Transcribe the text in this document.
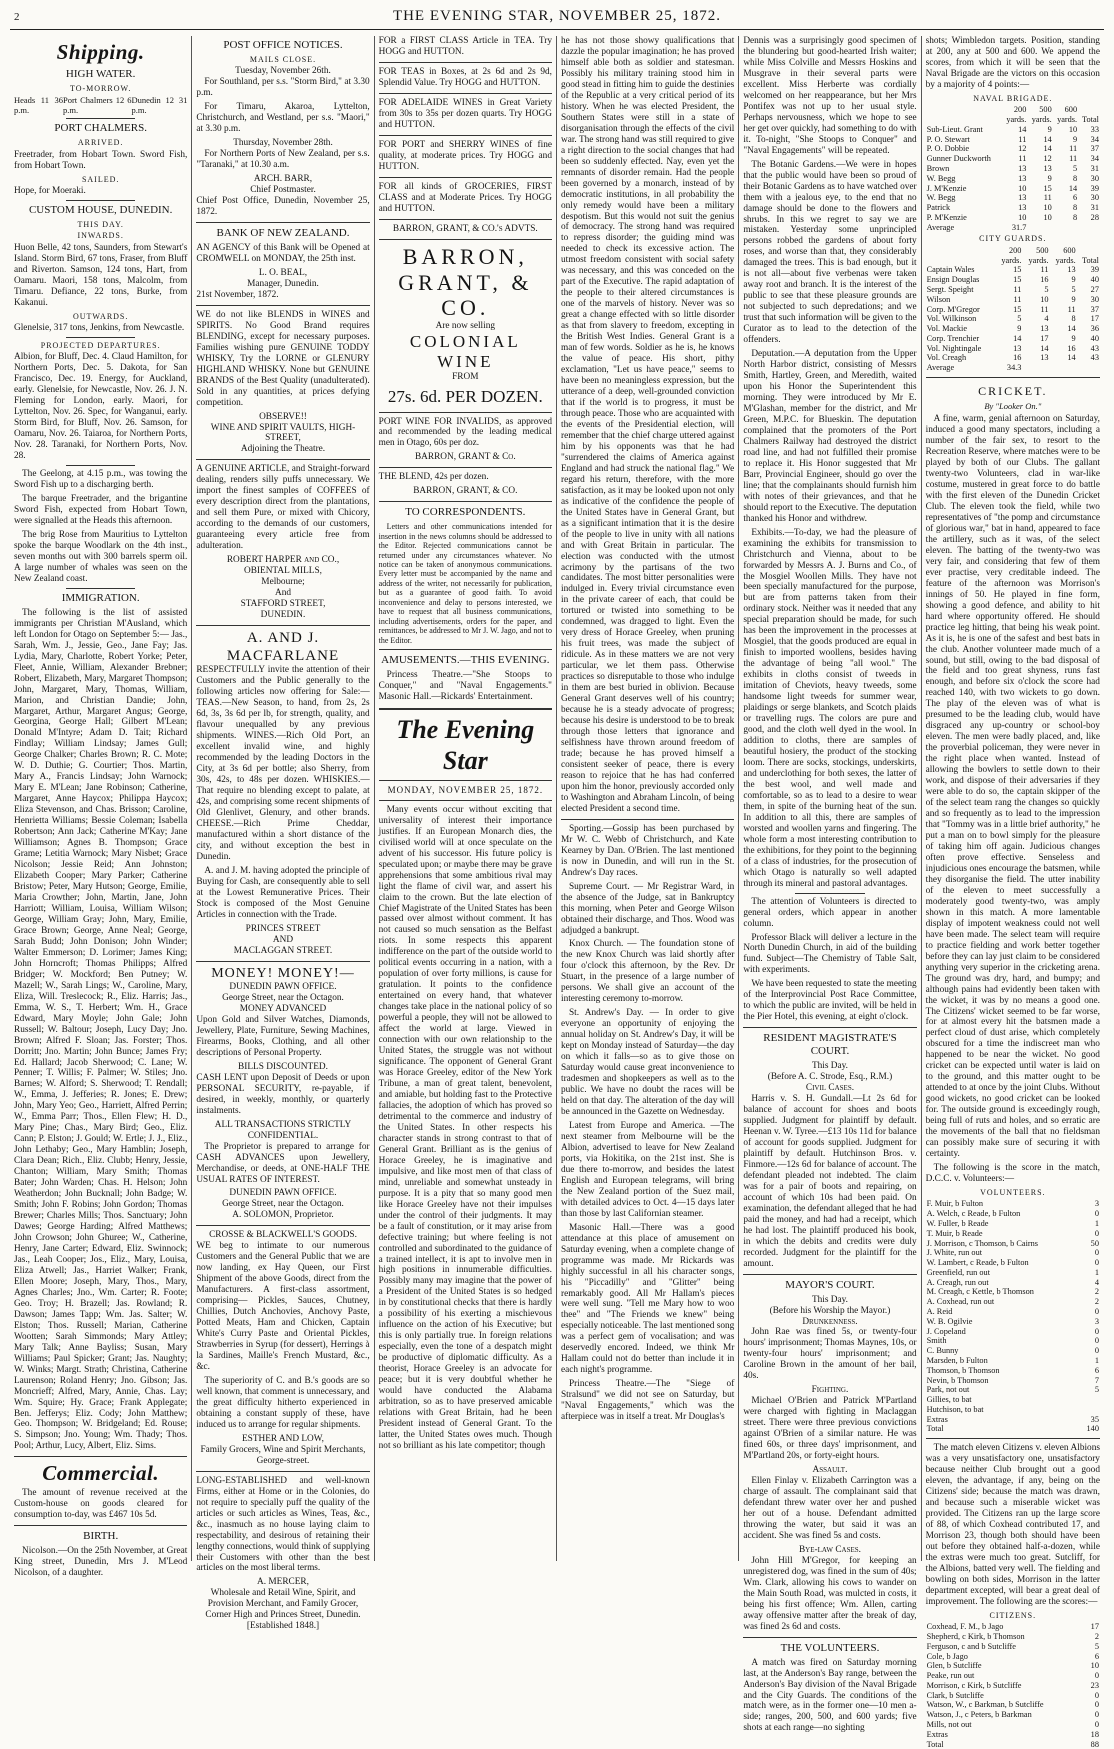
2	THE EVENING STAR, NOVEMBER 25, 1872.
Shipping.
HIGH WATER.
TO-MORROW.
Heads 11 36 p.m.
Port Chalmers 12 6 p.m.
Dunedin 12 31 p.m.
PORT CHALMERS.
ARRIVED.

Freetrader, from Hobart Town. Sword Fish, from Hobart Town.

SAILED.

Hope, for Moeraki.

CUSTOM HOUSE, DUNEDIN.
THIS DAY.
INWARDS.

Huon Belle, 42 tons, Saunders, from Stewart's Island. Storm Bird, 67 tons, Fraser, from Bluff and Riverton. Samson, 124 tons, Hart, from Oamaru. Maori, 158 tons, Malcolm, from Timaru. Defiance, 22 tons, Burke, from Kakanui.

OUTWARDS.

Glenelsie, 317 tons, Jenkins, from Newcastle.

PROJECTED DEPARTURES.

Albion, for Bluff, Dec. 4. Claud Hamilton, for Northern Ports, Dec. 5. Dakota, for San Francisco, Dec. 19. Energy, for Auckland, early. Glenelsie, for Newcastle, Nov. 26. J. N. Fleming for London, early. Maori, for Lyttelton, Nov. 26. Spec, for Wanganui, early. Storm Bird, for Bluff, Nov. 26. Samson, for Oamaru, Nov. 26. Taiaroa, for Northern Ports, Nov. 28. Taranaki, for Northern Ports, Nov. 28.

The Geelong, at 4.15 p.m., was towing the Sword Fish up to a discharging berth.

The barque Freetrader, and the brigantine Sword Fish, expected from Hobart Town, were signalled at the Heads this afternoon.

The brig Rose from Mauritius to Lyttelton spoke the barque Woodlark on the 4th inst., seven months out with 300 barrels sperm oil. A large number of whales was seen on the New Zealand coast.

IMMIGRATION.

The following is the list of assisted immigrants per Christian M'Ausland, which left London for Otago on September 5:— Jas., Sarah, Wm. J., Jessie, Geo., Jane Fay; Jas. Lydia, Mary, Charlotte, Robert Yorke; Peter, Fleet, Annie, William, Alexander Brebner; Robert, Elizabeth, Mary, Margaret Thompson; John, Margaret, Mary, Thomas, William, Marion, and Christian Dandie; John, Margaret, Arthur, Margaret Angus; George, Georgina, George Hall; Gilbert M'Lean; Donald M'Intyre; Adam D. Tait; Richard Findlay; William Lindsay; James Gull; George Chalker; Charles Brown; R. C. Mote; W. D. Duthie; G. Courtier; Thos. Martin, Mary A., Francis Lindsay; John Warnock; Mary E. M'Lean; Jane Robinson; Catherine, Margaret, Anne Haycox; Philippa Haycox; Eliza Stevenson, and Chas. Brisson; Caroline, Henrietta Williams; Bessie Coleman; Isabella Robertson; Ann Jack; Catherine M'Kay; Jane Williamson; Agnes B. Thompson; Grace Grame; Letitia Warnock; Mary Nisbet; Grace Nicolson; Jessie Reid; Ann Johnston; Elizabeth Cooper; Mary Parker; Catherine Bristow; Peter, Mary Hutson; George, Emilie, Maria Crowther; John, Martin, Jane, John Harriott; William, Louisa, William Wilson; George, William Gray; John, Mary, Emilie, Grace Brown; George, Anne Neal; George, Sarah Budd; John Donison; John Winder; Walter Emmerson; D. Lorimer; James King; John Horncroft; Thomas Philipps; Alfred Bridger; W. Mockford; Ben Putney; W. Mazell; W., Sarah Lings; W., Caroline, Mary, Eliza, Will. Treslecock; R., Eliz. Harris; Jas., Emma, W. S., T. Herbert; Wm. H., Grace Edward, Mary Moyle; John Gale; John Russell; W. Baltour; Joseph, Lucy Day; Jno. Brown; Alfred F. Sloan; Jas. Forster; Thos. Dorritt; Jno. Martin; John Bunce; James Fry; Ed. Hallard; Jacob Sherwood; C. Lane; W. Penner; T. Willis; F. Palmer; W. Stiles; Jno. Barnes; W. Alford; S. Sherwood; T. Rendall; W., Emma, J. Jefferies; R. Jones; E. Drew; John, Mary Yeo; Geo., Harriett, Alfred Perrin; W., Emma Parr; Thos., Ellen Flew; H. D., Mary Pine; Chas., Mary Bird; Geo., Eliz. Cann; P. Elston; J. Gould; W. Ertle; J. J., Eliz., John Lethaby; Geo., Mary Hamblin; Joseph, Clara Dean; Rich., Eliz. Clubb; Henry, Jessie, Chanton; William, Mary Smith; Thomas Bater; John Warden; Chas. H. Helson; John Weatherdon; John Bucknall; John Badge; W. Smith; John F. Robins; John Gordon; Thomas Brewer; Charles Mills; Thos. Sanctuary; John Dawes; George Harding; Alfred Matthews; John Crowson; John Ghuree; W., Catherine, Henry, Jane Carter; Edward, Eliz. Swinnock; Jas., Leah Cooper; Jos., Eliz., Mary, Louisa, Eliza Atwell; Jas., Harriet Walker; Frank, Ellen Moore; Joseph, Mary, Thos., Mary, Agnes Charles; Jno., Wm. Carter; R. Foote; Geo. Troy; H. Brazell; Jas. Rowland; R. Dawson; James Tapp; Wm. Jas. Salter; W. Elston; Thos. Russell; Marian, Catherine Wootten; Sarah Simmonds; Mary Attley; Mary Talk; Anne Bayliss; Susan, Mary Williams; Paul Spicker; Grant; Jas. Naughty; W. Winks; Margt. Strath; Christina, Catherine Laurenson; Roland Henry; Jno. Gibson; Jas. Moncrieff; Alfred, Mary, Annie, Chas. Lay; Wm. Squire; Hy. Grace; Frank Applegate; Ben. Jefferys; Eliz. Cody; John Matthew; Geo. Thompson; W. Bridgeland; Ed. Rouse; S. Simpson; Jno. Young; Wm. Thady; Thos. Pool; Arthur, Lucy, Albert, Eliz. Sims.

Commercial.

The amount of revenue received at the Custom-house on goods cleared for consumption to-day, was £467 10s 5d.

BIRTH.

Nicolson.—On the 25th November, at Great King street, Dunedin, Mrs J. M'Leod Nicolson, of a daughter.

POST OFFICE NOTICES.
MAILS CLOSE.
Tuesday, November 26th.

For Southland, per s.s. "Storm Bird," at 3.30 p.m.

For Timaru, Akaroa, Lyttelton, Christchurch, and Westland, per s.s. "Maori," at 3.30 p.m.

Thursday, November 28th.

For Northern Ports of New Zealand, per s.s. "Taranaki," at 10.30 a.m.

ARCH. BARR,
Chief Postmaster.

Chief Post Office, Dunedin, November 25, 1872.

BANK OF NEW ZEALAND.

AN AGENCY of this Bank will be Opened at CROMWELL on MONDAY, the 25th inst.

L. O. BEAL,
Manager, Dunedin.

21st November, 1872.

WE do not like BLENDS in WINES and SPIRITS. No Good Brand requires BLENDING, except for necessary purposes. Families wishing pure GENUINE TODDY WHISKY, Try the LORNE or GLENURY HIGHLAND WHISKY. None but GENUINE BRANDS of the Best Quality (unadulterated). Sold in any quantities, at prices defying competition.

OBSERVE!!
WINE AND SPIRIT VAULTS, HIGH-STREET,
Adjoining the Theatre.

A GENUINE ARTICLE, and Straight-forward dealing, renders silly puffs unnecessary. We import the finest samples of COFFEES of every description direct from the plantations, and sell them Pure, or mixed with Chicory, according to the demands of our customers, guaranteeing every article free from adulteration.

ROBERT HARPER and CO.,
OBIENTAL MILLS,
Melbourne;
And
STAFFORD STREET,
DUNEDIN.
A. AND J. MACFARLANE

RESPECTFULLY invite the attention of their Customers and the Public generally to the following articles now offering for Sale:— TEAS.—New Season, to hand, from 2s, 2s 6d, 3s, 3s 6d per lb, for strength, quality, and flavour unequalled by any previous shipments. WINES.—Rich Old Port, an excellent invalid wine, and highly recommended by the leading Doctors in the City, at 3s 6d per bottle; also Sherry, from 30s, 42s, to 48s per dozen. WHISKIES.—That require no blending except to palate, at 42s, and comprising some recent shipments of Old Glenlivet, Glenury, and other brands. CHEESE.—Rich Prime Cheddar, manufactured within a short distance of the city, and without exception the best in Dunedin.

A. and J. M. having adopted the principle of Buying for Cash, are consequently able to sell at the Lowest Remunerative Prices. Their Stock is composed of the Most Genuine Articles in connection with the Trade.

PRINCES STREET
AND
MACLAGGAN STREET.
MONEY! MONEY!—
DUNEDIN PAWN OFFICE.
George Street, near the Octagon.
MONEY ADVANCED

Upon Gold and Silver Watches, Diamonds, Jewellery, Plate, Furniture, Sewing Machines, Firearms, Books, Clothing, and all other descriptions of Personal Property.

BILLS DISCOUNTED.

CASH LENT upon Deposit of Deeds or upon PERSONAL SECURITY, re-payable, if desired, in weekly, monthly, or quarterly instalments.

ALL TRANSACTIONS STRICTLY CONFIDENTIAL.

The Proprietor is prepared to arrange for CASH ADVANCES upon Jewellery, Merchandise, or deeds, at ONE-HALF THE USUAL RATES OF INTEREST.

DUNEDIN PAWN OFFICE.
George Street, near the Octagon.
A. SOLOMON, Proprietor.
CROSSE & BLACKWELL'S GOODS.

WE beg to intimate to our numerous Customers and the General Public that we are now landing, ex Hay Queen, our First Shipment of the above Goods, direct from the Manufacturers. A first-class assortment, comprising— Pickles, Sauces, Chutney, Chillies, Dutch Anchovies, Anchovy Paste, Potted Meats, Ham and Chicken, Captain White's Curry Paste and Oriental Pickles, Strawberries in Syrup (for dessert), Herrings à la Sardines, Maille's French Mustard, &c., &c.

The superiority of C. and B.'s goods are so well known, that comment is unnecessary, and the great difficulty hitherto experienced in obtaining a constant supply of these, have induced us to arrange for regular shipments.

ESTHER AND LOW,
Family Grocers, Wine and Spirit Merchants, George-street.

LONG-ESTABLISHED and well-known Firms, either at Home or in the Colonies, do not require to specially puff the quality of the articles or such articles as Wines, Teas, &c., &c., inasmuch as no house laying claim to respectability, and desirous of retaining their lengthy connections, would think of supplying their Customers with other than the best articles on the most liberal terms.

A. MERCER,
Wholesale and Retail Wine, Spirit, and Provision Merchant, and Family Grocer,
Corner High and Princes Street, Dunedin.
[Established 1848.]

FOR a FIRST CLASS Article in TEA. Try HOGG and HUTTON.

FOR TEAS in Boxes, at 2s 6d and 2s 9d, Splendid Value. Try HOGG and HUTTON.

FOR ADELAIDE WINES in Great Variety from 30s to 35s per dozen quarts. Try HOGG and HUTTON.

FOR PORT and SHERRY WINES of fine quality, at moderate prices. Try HOGG and HUTTON.

FOR all kinds of GROCERIES, FIRST CLASS and at Moderate Prices. Try HOGG and HUTTON.

BARRON, GRANT, & CO.'s ADVTS.
BARRON, GRANT, & CO.
Are now selling
COLONIAL WINE
FROM
27s. 6d. PER DOZEN.

PORT WINE FOR INVALIDS, as approved and recommended by the leading medical men in Otago, 60s per doz.

BARRON, GRANT & Co.

THE BLEND, 42s per dozen.

BARRON, GRANT, & CO.
TO CORRESPONDENTS.

Letters and other communications intended for insertion in the news columns should be addressed to the Editor. Rejected communications cannot be returned under any circumstances whatever. No notice can be taken of anonymous communications. Every letter must be accompanied by the name and address of the writer, not necessarily for publication, but as a guarantee of good faith. To avoid inconvenience and delay to persons interested, we have to request that all business communications, including advertisements, orders for the paper, and remittances, be addressed to Mr J. W. Jago, and not to the Editor.

AMUSEMENTS.—THIS EVENING.

Princess Theatre.—"She Stoops to Conquer," and "Naval Engagements." Masonic Hall.—Rickards' Entertainment.

The Evening Star
MONDAY, NOVEMBER 25, 1872.

Many events occur without exciting that universality of interest their importance justifies. If an European Monarch dies, the civilised world will at once speculate on the advent of his successor. His future policy is speculated upon; or maybe there may be grave apprehensions that some ambitious rival may light the flame of civil war, and assert his claim to the crown. But the late election of Chief Magistrate of the United States has been passed over almost without comment. It has not caused so much sensation as the Belfast riots. In some respects this apparent indifference on the part of the outside world to political events occurring in a nation, with a population of over forty millions, is cause for gratulation. It points to the confidence entertained on every hand, that whatever changes take place in the national policy of so powerful a people, they will not be allowed to affect the world at large. Viewed in connection with our own relationship to the United States, the struggle was not without significance. The opponent of General Grant was Horace Greeley, editor of the New York Tribune, a man of great talent, benevolent, and amiable, but holding fast to the Protective fallacies, the adoption of which has proved so detrimental to the commerce and industry of the United States. In other respects his character stands in strong contrast to that of General Grant. Brilliant as is the genius of Horace Greeley, he is imaginative and impulsive, and like most men of that class of mind, unreliable and somewhat unsteady in purpose. It is a pity that so many good men like Horace Greeley have not their impulses under the control of their judgments. It may be a fault of constitution, or it may arise from defective training; but where feeling is not controlled and subordinated to the guidance of a trained intellect, it is apt to involve men in high positions in innumerable difficulties. Possibly many may imagine that the power of a President of the United States is so hedged in by constitutional checks that there is hardly a possibility of his exerting a mischievous influence on the action of his Executive; but this is only partially true. In foreign relations especially, even the tone of a despatch might be productive of diplomatic difficulty. As a theorist, Horace Greeley is an advocate for peace; but it is very doubtful whether he would have conducted the Alabama arbitration, so as to have preserved amicable relations with Great Britain, had he been President instead of General Grant. To the latter, the United States owes much. Though not so brilliant as his late competitor; though

he has not those showy qualifications that dazzle the popular imagination; he has proved himself able both as soldier and statesman. Possibly his military training stood him in good stead in fitting him to guide the destinies of the Republic at a very critical period of its history. When he was elected President, the Southern States were still in a state of disorganisation through the effects of the civil war. The strong hand was still required to give a right direction to the social changes that had been so suddenly effected. Nay, even yet the remnants of disorder remain. Had the people been governed by a monarch, instead of by democratic institutions, in all probability the only remedy would have been a military despotism. But this would not suit the genius of democracy. The strong hand was required to repress disorder; the guiding mind was needed to check its excessive action. The utmost freedom consistent with social safety was necessary, and this was conceded on the part of the Executive. The rapid adaptation of the people to their altered circumstances is one of the marvels of history. Never was so great a change effected with so little disorder as that from slavery to freedom, excepting in the British West Indies. General Grant is a man of few words. Soldier as he is, he knows the value of peace. His short, pithy exclamation, "Let us have peace," seems to have been no meaningless expression, but the utterance of a deep, well-grounded conviction that if the world is to progress, it must be through peace. Those who are acquainted with the events of the Presidential election, will remember that the chief charge uttered against him by his opponents was that he had "surrendered the claims of America against England and had struck the national flag." We regard his return, therefore, with the more satisfaction, as it may be looked upon not only as indicative of the confidence the people of the United States have in General Grant, but as a significant intimation that it is the desire of the people to live in unity with all nations and with Great Britain in particular. The election was conducted with the utmost acrimony by the partisans of the two candidates. The most bitter personalities were indulged in. Every trivial circumstance even in the private career of each, that could be tortured or twisted into something to be condemned, was dragged to light. Even the very dress of Horace Greeley, when pruning his fruit trees, was made the subject of ridicule. As in these matters we are not very particular, we let them pass. Otherwise practices so disreputable to those who indulge in them are best buried in oblivion. Because General Grant deserves well of his country; because he is a steady advocate of progress; because his desire is understood to be to break through those letters that ignorance and selfishness have thrown around freedom of trade; because he has proved himself a consistent seeker of peace, there is every reason to rejoice that he has had conferred upon him the honor, previously accorded only to Washington and Abraham Lincoln, of being elected President a second time.

Sporting.—Gossip has been purchased by Mr W. C. Webb of Christchurch, and Kate Kearney by Dan. O'Brien. The last mentioned is now in Dunedin, and will run in the St. Andrew's Day races.

Supreme Court. — Mr Registrar Ward, in the absence of the Judge, sat in Bankruptcy this morning, when Peter and George Wilson obtained their discharge, and Thos. Wood was adjudged a bankrupt.

Knox Church. — The foundation stone of the new Knox Church was laid shortly after four o'clock this afternoon, by the Rev. Dr Stuart, in the presence of a large number of persons. We shall give an account of the interesting ceremony to-morrow.

St. Andrew's Day. — In order to give everyone an opportunity of enjoying the annual holiday on St. Andrew's Day, it will be kept on Monday instead of Saturday—the day on which it falls—so as to give those on Saturday would cause great inconvenience to tradesmen and shopkeepers as well as to the public. We have no doubt the races will be held on that day. The alteration of the day will be announced in the Gazette on Wednesday.

Latest from Europe and America. —The next steamer from Melbourne will be the Albion, advertised to leave for New Zealand ports, via Hokitika, on the 21st inst. She is due there to-morrow, and besides the latest English and European telegrams, will bring the New Zealand portion of the Suez mail, with detailed advices to Oct. 4—15 days later than those by last Californian steamer.

Masonic Hall.—There was a good attendance at this place of amusement on Saturday evening, when a complete change of programme was made. Mr Rickards was highly successful in all his character songs, his "Piccadilly" and "Glitter" being remarkably good. All Mr Hallam's pieces were well sung. "Tell me Mary how to woo thee" and "The Friends we knew" being especially noticeable. The last mentioned song was a perfect gem of vocalisation; and was deservedly encored. Indeed, we think Mr Hallam could not do better than include it in each night's programme.

Princess Theatre.—The "Siege of Stralsund" we did not see on Saturday, but "Naval Engagements," which was the afterpiece was in itself a treat. Mr Douglas's

Dennis was a surprisingly good specimen of the blundering but good-hearted Irish waiter; while Miss Colville and Messrs Hoskins and Musgrave in their several parts were excellent. Miss Herberte was cordially welcomed on her reappearance, but her Mrs Pontifex was not up to her usual style. Perhaps nervousness, which we hope to see her get over quickly, had something to do with it. To-night, "She Stoops to Conquer" and "Naval Engagements" will be repeated.

The Botanic Gardens.—We were in hopes that the public would have been so proud of their Botanic Gardens as to have watched over them with a jealous eye, to the end that no damage should be done to the flowers and shrubs. In this we regret to say we are mistaken. Yesterday some unprincipled persons robbed the gardens of about forty roses, and worse than that, they considerably damaged the trees. This is bad enough, but it is not all—about five verbenas were taken away root and branch. It is the interest of the public to see that these pleasure grounds are not subjected to such depredations; and we trust that such information will be given to the Curator as to lead to the detection of the offenders.

Deputation.—A deputation from the Upper North Harbor district, consisting of Messrs Smith, Hartley, Green, and Meredith, waited upon his Honor the Superintendent this morning. They were introduced by Mr E. M'Glashan, member for the district, and Mr Green, M.P.C. for Blueskin. The deputation complained that the promoters of the Port Chalmers Railway had destroyed the district road line, and had not fulfilled their promise to replace it. His Honor suggested that Mr Barr, Provincial Engineer, should go over the line; that the complainants should furnish him with notes of their grievances, and that he should report to the Executive. The deputation thanked his Honor and withdrew.

Exhibits.—To-day, we had the pleasure of examining the exhibits for transmission to Christchurch and Vienna, about to be forwarded by Messrs A. J. Burns and Co., of the Mosgiel Woollen Mills. They have not been specially manufactured for the purpose, but are from patterns taken from their ordinary stock. Neither was it needed that any special preparation should be made, for such has been the improvement in the processes at Mosgiel, that the goods produced are equal in finish to imported woollens, besides having the advantage of being "all wool." The exhibits in cloths consist of tweeds in imitation of Cheviots, heavy tweeds, some handsome light tweeds for summer wear, plaidings or serge blankets, and Scotch plaids or travelling rugs. The colors are pure and good, and the cloth well dyed in the wool. In addition to cloths, there are samples of beautiful hosiery, the product of the stocking loom. There are socks, stockings, underskirts, and underclothing for both sexes, the latter of the best wool, and well made and comfortable, so as to lead to a desire to wear them, in spite of the burning heat of the sun. In addition to all this, there are samples of worsted and woollen yarns and fingering. The whole form a most interesting contribution to the exhibitions, for they point to the beginning of a class of industries, for the prosecution of which Otago is naturally so well adapted through its mineral and pastoral advantages.

The attention of Volunteers is directed to general orders, which appear in another column.

Professor Black will deliver a lecture in the North Dunedin Church, in aid of the building fund. Subject—The Chemistry of Table Salt, with experiments.

We have been requested to state the meeting of the Interprovincial Post Race Committee, to which the public are invited, will be held in the Pier Hotel, this evening, at eight o'clock.

RESIDENT MAGISTRATE'S COURT.
This Day.
(Before A. C. Strode, Esq., R.M.)
Civil Cases.

Harris v. S. H. Gundall.—Lt 2s 6d for balance of account for shoes and boots supplied. Judgment for plaintiff by default. Heenan v. W. Tyree.—£13 10s 11d for balance of account for goods supplied. Judgment for plaintiff by default. Hutchinson Bros. v. Finmore.—12s 6d for balance of account. The defendant pleaded not indebted. The claim was for a pair of boots and repairing, on account of which 10s had been paid. On examination, the defendant alleged that he had paid the money, and had had a receipt, which he had lost. The plaintiff produced his book, in which the debits and credits were duly recorded. Judgment for the plaintiff for the amount.

MAYOR'S COURT.
This Day.
(Before his Worship the Mayor.)
Drunkenness.

John Rae was fined 5s, or twenty-four hours' imprisonment; Thomas Maynes, 10s, or twenty-four hours' imprisonment; and Caroline Brown in the amount of her bail, 40s.

Fighting.

Michael O'Brien and Patrick M'Partland were charged with fighting in Maclaggan street. There were three previous convictions against O'Brien of a similar nature. He was fined 60s, or three days' imprisonment, and M'Partland 20s, or forty-eight hours.

Assault.

Ellen Finlay v. Elizabeth Carrington was a charge of assault. The complainant said that defendant threw water over her and pushed her out of a house. Defendant admitted throwing the water, but said it was an accident. She was fined 5s and costs.

Bye-law Cases.

John Hill M'Gregor, for keeping an unregistered dog, was fined in the sum of 40s; Wm. Clark, allowing his cows to wander on the Main South Road, was mulcted in costs, it being his first offence; Wm. Allen, carting away offensive matter after the break of day, was fined 2s 6d and costs.

THE VOLUNTEERS.

A match was fired on Saturday morning last, at the Anderson's Bay range, between the Anderson's Bay division of the Naval Brigade and the City Guards. The conditions of the match were, as in the former one—10 men a-side; ranges, 200, 500, and 600 yards; five shots at each range—no sighting

shots; Wimbledon targets. Position, standing at 200, any at 500 and 600. We append the scores, from which it will be seen that the Naval Brigade are the victors on this occasion by a majority of 4 points:—

NAVAL BRIGADE.
	200	500	600	
	yards.	yards.	yards.	Total
Sub-Lieut. Grant	14	9	10	33
P. O. Stewart	11	14	9	34
P. O. Dobbie	12	14	11	37
Gunner Duckworth	11	12	11	34
Brown	13	13	5	31
W. Begg	13	9	8	30
J. M'Kenzie	10	15	14	39
W. Begg	13	11	6	30
Patrick	13	10	8	31
P. M'Kenzie	10	10	8	28
Average	31.7			
CITY GUARDS.
	200	500	600	
	yards.	yards.	yards.	Total
Captain Wales	15	11	13	39
Ensign Douglas	15	16	9	40
Sergt. Speight	11	5	5	27
Wilson	11	10	9	30
Corp. M'Gregor	15	11	11	37
Vol. Wilkinson	5	4	8	17
Vol. Mackie	9	13	14	36
Corp. Trenchier	14	17	9	40
Vol. Nightingale	13	14	16	43
Vol. Creagh	16	13	14	43
Average	34.3			
CRICKET.
By "Looker On."

A fine, warm, genial afternoon on Saturday, induced a good many spectators, including a number of the fair sex, to resort to the Recreation Reserve, where matches were to be played by both of our Clubs. The gallant twenty-two Volunteers, clad in war-like costume, mustered in great force to do battle with the first eleven of the Dunedin Cricket Club. The eleven took the field, while two representatives of "the pomp and circumstance of glorious war," bat in hand, appeared to face the artillery, such as it was, of the select eleven. The batting of the twenty-two was very fair, and considering that few of them ever practise, very creditable indeed. The feature of the afternoon was Morrison's innings of 50. He played in fine form, showing a good defence, and ability to hit hard where opportunity offered. He should practice leg hitting, that being his weak point. As it is, he is one of the safest and best bats in the club. Another volunteer made much of a sound, but still, owing to the bad disposal of the field and too great shyness, runs fast enough, and before six o'clock the score had reached 140, with two wickets to go down. The play of the eleven was of what is presumed to be the leading club, would have disgraced any up-country or school-boy eleven. The men were badly placed, and, like the proverbial policeman, they were never in the right place when wanted. Instead of allowing the bowlers to settle down to their work, and dispose of their adversaries if they were able to do so, the captain skipper of the of the select team rang the changes so quickly and so frequently as to lead to the impression that "Tommy was in a little brief authority," he put a man on to bowl simply for the pleasure of taking him off again. Judicious changes often prove effective. Senseless and injudicious ones encourage the batsmen, while they disorganise the field. The utter inability of the eleven to meet successfully a moderately good twenty-two, was amply shown in this match. A more lamentable display of impotent weakness could not well have been made. The select team will require to practice fielding and work better together before they can lay just claim to be considered anything very superior in the cricketing arena. The ground was dry, hard, and bumpy; and although pains had evidently been taken with the wicket, it was by no means a good one. The Citizens' wicket seemed to be far worse, for at almost every hit the batsmen made a perfect cloud of dust arise, which completely obscured for a time the indiscreet man who happened to be near the wicket. No good cricket can be expected until water is laid on to the ground, and this matter ought to be attended to at once by the joint Clubs. Without good wickets, no good cricket can be looked for. The outside ground is exceedingly rough, being full of ruts and holes, and so erratic are the movements of the ball that no fieldsman can possibly make sure of securing it with certainty.

The following is the score in the match, D.C.C. v. Volunteers:—

VOLUNTEERS.
F. Muir, b Fulton	3
A. Welch, c Reade, b Fulton	0
W. Fuller, b Reade	1
T. Muir, b Reade	0
J. Morrison, c Thomson, b Cairns	50
J. White, run out	0
W. Lambert, c Reade, b Fulton	0
Greenfield, run out	1
A. Creagh, run out	4
M. Creagh, c Kettle, b Thomson	2
A. Coxhead, run out	2
A. Reid	0
W. B. Ogilvie	3
J. Copeland	0
Smith	0
C. Bunny	0
Marsden, b Fulton	1
Thomson, b Thomson	6
Nevin, b Thomson	7
Park, not out	5
Gillies, to bat	
Hutchison, to bat	
Extras	35
Total	140

The match eleven Citizens v. eleven Albions was a very unsatisfactory one, unsatisfactory because neither Club brought out a good eleven, the advantage, if any, being on the Citizens' side; because the match was drawn, and because such a miserable wicket was provided. The Citizens ran up the large score of 88, of which Coxhead contributed 17, and Morrison 23, though both should have been out before they obtained half-a-dozen, while the extras were much too great. Sutcliff, for the Albions, batted very well. The fielding and bowling on both sides, Morrison in the latter department excepted, will bear a great deal of improvement. The following are the scores:—

CITIZENS.
Coxhead, F. M., b Jago	17
Shepherd, c Kirk, b Thomson	2
Ferguson, c and b Sutcliffe	5
Cole, b Jago	6
Glen, b Sutcliffe	10
Peake, run out	0
Morrison, c Kirk, b Sutcliffe	23
Clark, b Sutcliffe	0
Watson, W., c Barkman, b Sutcliffe	0
Watson, J., c Peters, b Barkman	0
Mills, not out	0
Extras	18
Total	88
